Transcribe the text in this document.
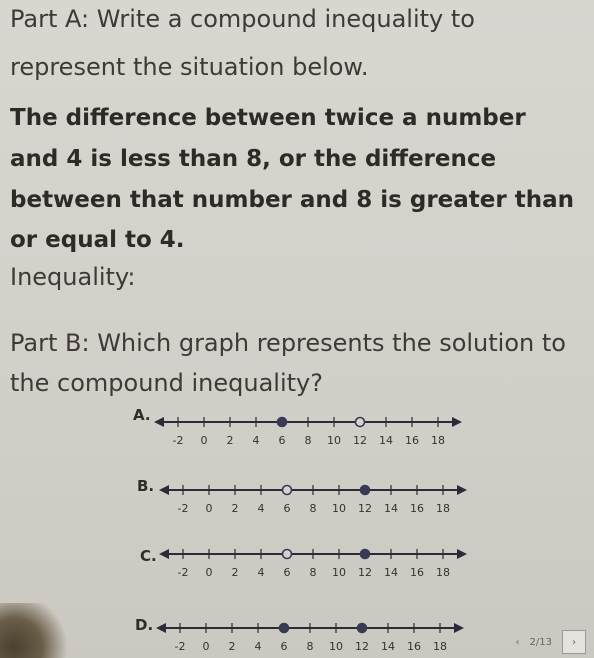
Part A: Write a compound inequality to
represent the situation below.
The difference between twice a number
and 4 is less than 8, or the difference
between that number and 8 is greater than
or equal to 4.
Inequality:
Part B: Which graph represents the solution to
the compound inequality?
A.
-2 0 2 4 6 8 10 12 14 16 18
B.
-2 0 2 4 6 8 10 12 14 16 18
C.
-2 0 2 4 6 8 10 12 14 16 18
D.
-2 0 2 4 6 8 10 12 14 16 18	‹ 2/13 ›
